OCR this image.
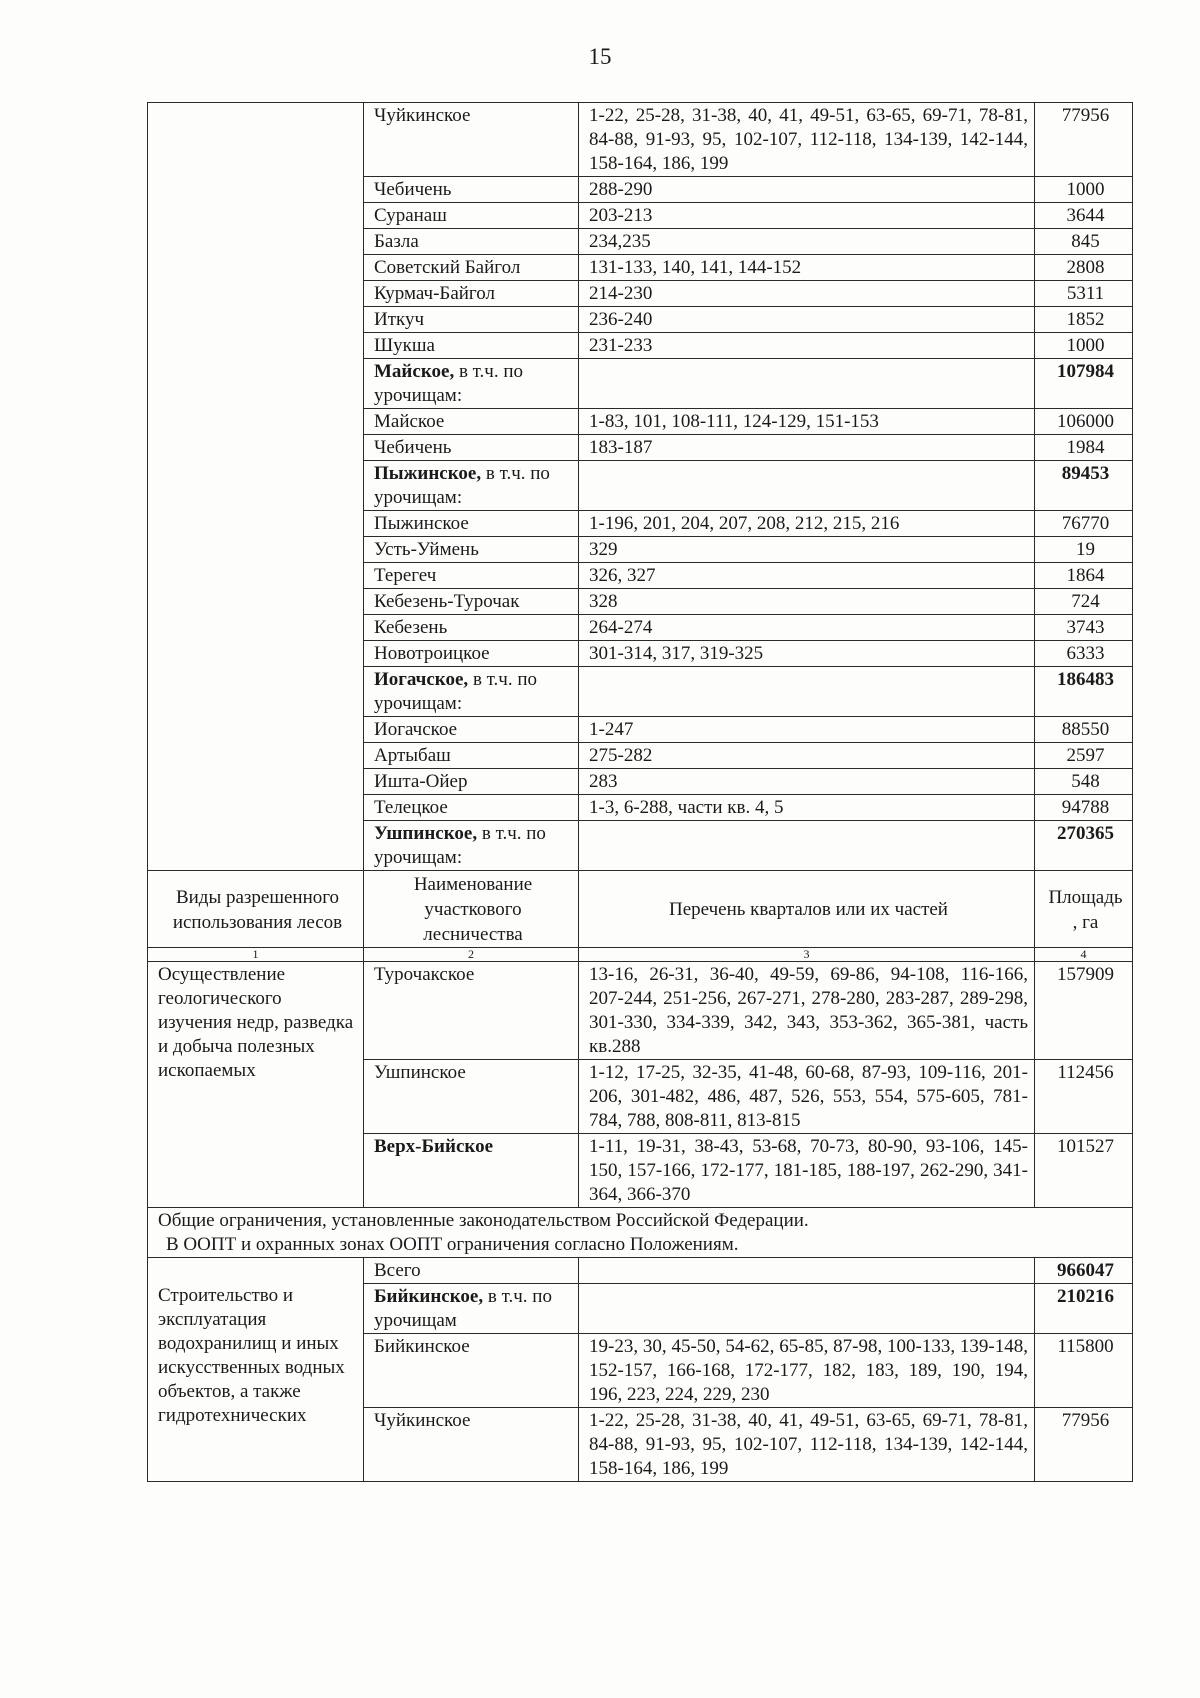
15
	Чуйкинское	1-22, 25-28, 31-38, 40, 41, 49-51, 63-65, 69-71, 78-81, 84-88, 91-93, 95, 102-107, 112-118, 134-139, 142-144, 158-164, 186, 199	77956
	Чебичень	288-290	1000
	Суранаш	203-213	3644
	Базла	234,235	845
	Советский Байгол	131-133, 140, 141, 144-152	2808
	Курмач-Байгол	214-230	5311
	Иткуч	236-240	1852
	Шукша	231-233	1000
	Майское, в т.ч. по урочищам:		107984
	Майское	1-83, 101, 108-111, 124-129, 151-153	106000
	Чебичень	183-187	1984
	Пыжинское, в т.ч. по урочищам:		89453
	Пыжинское	1-196, 201, 204, 207, 208, 212, 215, 216	76770
	Усть-Уймень	329	19
	Терегеч	326, 327	1864
	Кебезень-Турочак	328	724
	Кебезень	264-274	3743
	Новотроицкое	301-314, 317, 319-325	6333
	Иогачское, в т.ч. по урочищам:		186483
	Иогачское	1-247	88550
	Артыбаш	275-282	2597
	Ишта-Ойер	283	548
	Телецкое	1-3, 6-288, части кв. 4, 5	94788
	Ушпинское, в т.ч. по урочищам:		270365
Виды разрешенного использования лесов	Наименование участкового лесничества	Перечень кварталов или их частей	Площадь , га
1	2	3	4
Осуществление геологического изучения недр, разведка и добыча полезных ископаемых	Турочакское	13-16, 26-31, 36-40, 49-59, 69-86, 94-108, 116-166, 207-244, 251-256, 267-271, 278-280, 283-287, 289-298, 301-330, 334-339, 342, 343, 353-362, 365-381, часть кв.288	157909
	Ушпинское	1-12, 17-25, 32-35, 41-48, 60-68, 87-93, 109-116, 201-206, 301-482, 486, 487, 526, 553, 554, 575-605, 781-784, 788, 808-811, 813-815	112456
	Верх-Бийское	1-11, 19-31, 38-43, 53-68, 70-73, 80-90, 93-106, 145-150, 157-166, 172-177, 181-185, 188-197, 262-290, 341-364, 366-370	101527

Общие ограничения, установленные законодательством Российской Федерации.
В ООПТ и охранных зонах ООПТ ограничения согласно Положениям.			

Строительство и эксплуатация водохранилищ и иных искусственных водных объектов, а также гидротехнических	Всего		966047
	Бийкинское, в т.ч. по урочищам		210216
	Бийкинское	19-23, 30, 45-50, 54-62, 65-85, 87-98, 100-133, 139-148, 152-157, 166-168, 172-177, 182, 183, 189, 190, 194, 196, 223, 224, 229, 230	115800
	Чуйкинское	1-22, 25-28, 31-38, 40, 41, 49-51, 63-65, 69-71, 78-81, 84-88, 91-93, 95, 102-107, 112-118, 134-139, 142-144, 158-164, 186, 199	77956
